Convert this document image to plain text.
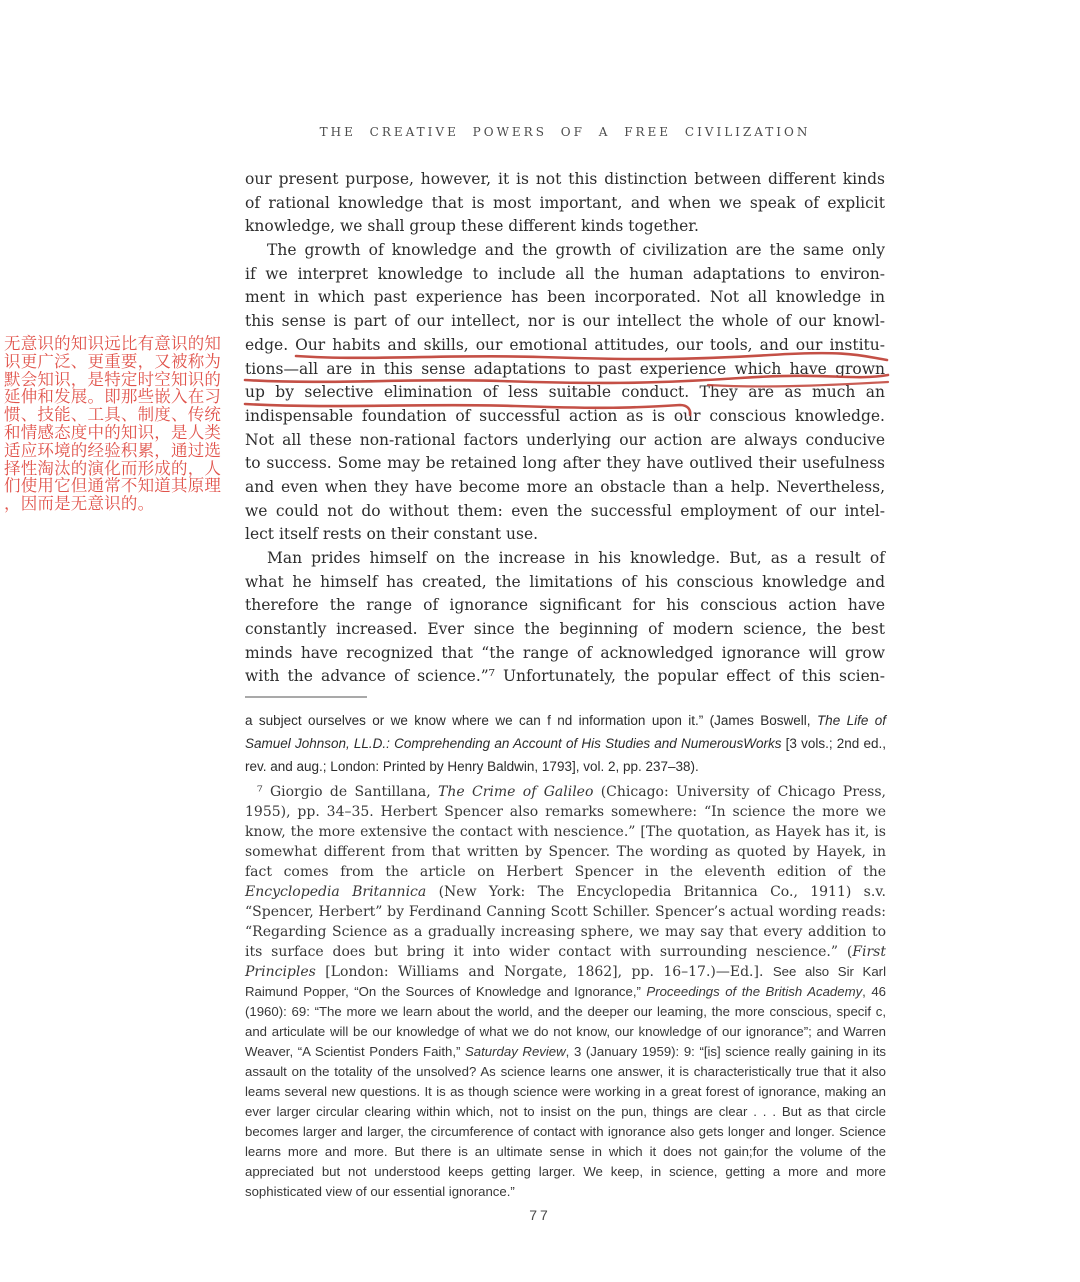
THE CREATIVE POWERS OF A FREE CIVILIZATION
无意识的知识远比有意识的知
识更广泛、更重要，又被称为
默会知识，是特定时空知识的
延伸和发展。即那些嵌入在习
惯、技能、工具、制度、传统
和情感态度中的知识，是人类
适应环境的经验积累，通过选
择性淘汰的演化而形成的，人
们使用它但通常不知道其原理
，因而是无意识的。
our present purpose, however, it is not this distinction between different kinds
of rational knowledge that is most important, and when we speak of explicit
knowledge, we shall group these different kinds together.
The growth of knowledge and the growth of civilization are the same only
if we interpret knowledge to include all the human adaptations to environ-
ment in which past experience has been incorporated. Not all knowledge in
this sense is part of our intellect, nor is our intellect the whole of our knowl-
edge. Our habits and skills, our emotional attitudes, our tools, and our institu-
tions—all are in this sense adaptations to past experience which have grown
up by selective elimination of less suitable conduct. They are as much an
indispensable foundation of successful action as is our conscious knowledge.
Not all these non-rational factors underlying our action are always conducive
to success. Some may be retained long after they have outlived their usefulness
and even when they have become more an obstacle than a help. Nevertheless,
we could not do without them: even the successful employment of our intel-
lect itself rests on their constant use.
Man prides himself on the increase in his knowledge. But, as a result of
what he himself has created, the limitations of his conscious knowledge and
therefore the range of ignorance significant for his conscious action have
constantly increased. Ever since the beginning of modern science, the best
minds have recognized that “the range of acknowledged ignorance will grow
with the advance of science.”⁷ Unfortunately, the popular effect of this scien-
a subject ourselves or we know where we can f nd information upon it.” (James Boswell, The Life of Samuel Johnson, LL.D.: Comprehending an Account of His Studies and NumerousWorks [3 vols.; 2nd ed., rev. and aug.; London: Printed by Henry Baldwin, 1793], vol. 2, pp. 237–38).
⁷ Giorgio de Santillana, The Crime of Galileo (Chicago: University of Chicago Press, 1955), pp. 34–35. Herbert Spencer also remarks somewhere: “In science the more we know, the more extensive the contact with nescience.” [The quotation, as Hayek has it, is somewhat different from that written by Spencer. The wording as quoted by Hayek, in fact comes from the article on Herbert Spencer in the eleventh edition of the Encyclopedia Britannica (New York: The Encyclopedia Britannica Co., 1911) s.v. “Spencer, Herbert” by Ferdinand Canning Scott Schiller. Spencer’s actual wording reads: “Regarding Science as a gradually increasing sphere, we may say that every addition to its surface does but bring it into wider contact with surrounding nescience.” (First Principles [London: Williams and Norgate, 1862], pp. 16–17.)—Ed.]. See also Sir Karl Raimund Popper, “On the Sources of Knowledge and Ignorance,” Proceedings of the British Academy, 46 (1960): 69: “The more we learn about the world, and the deeper our leaming, the more conscious, specif c, and articulate will be our knowledge of what we do not know, our knowledge of our ignorance”; and Warren Weaver, “A Scientist Ponders Faith,” Saturday Review, 3 (January 1959): 9: “[is] science really gaining in its assault on the totality of the unsolved? As science learns one answer, it is characteristically true that it also leams several new questions. It is as though science were working in a great forest of ignorance, making an ever larger circular clearing within which, not to insist on the pun, things are clear . . . But as that circle becomes larger and larger, the circumference of contact with ignorance also gets longer and longer. Science learns more and more. But there is an ultimate sense in which it does not gain;for the volume of the appreciated but not understood keeps getting larger. We keep, in science, getting a more and more sophisticated view of our essential ignorance.”
77
